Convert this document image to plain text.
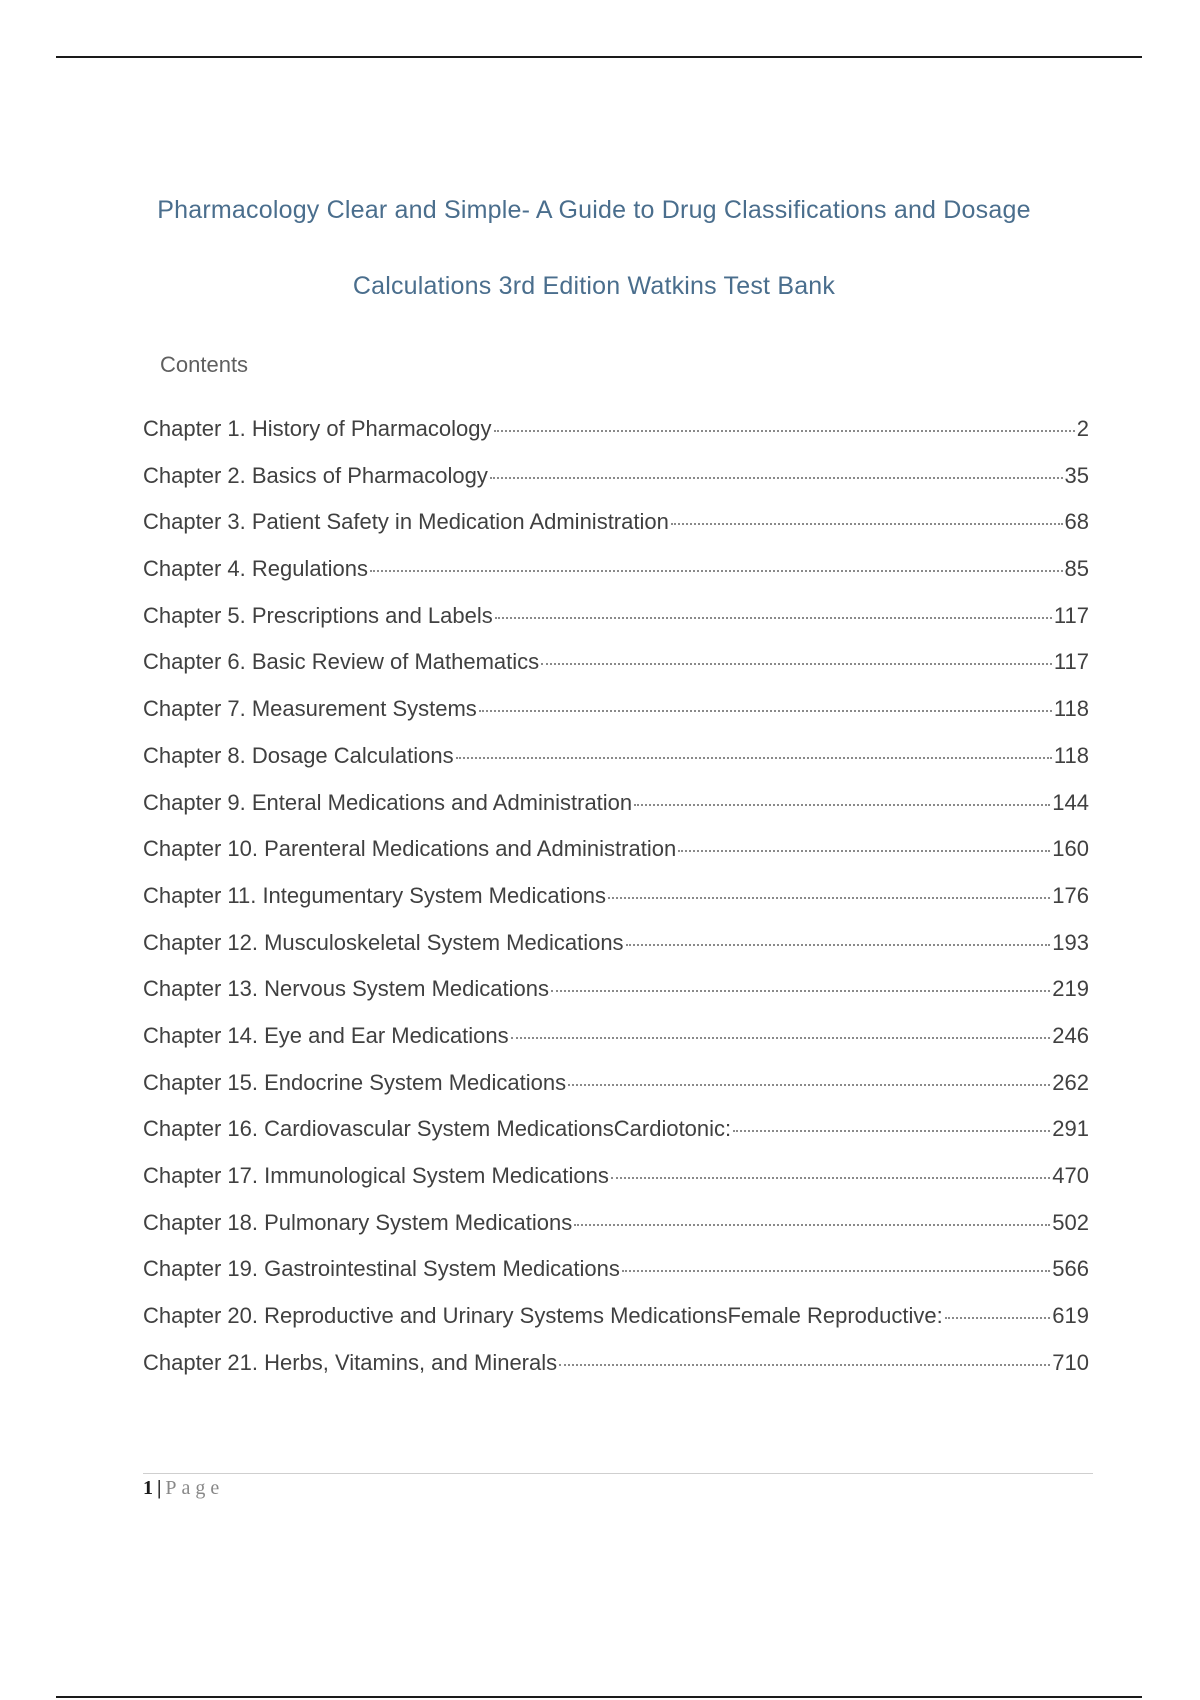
Pharmacology Clear and Simple- A Guide to Drug Classifications and Dosage
Calculations 3rd Edition Watkins Test Bank
Contents
Chapter 1. History of Pharmacology	2
Chapter 2. Basics of Pharmacology	35
Chapter 3. Patient Safety in Medication Administration	68
Chapter 4. Regulations	85
Chapter 5. Prescriptions and Labels	117
Chapter 6. Basic Review of Mathematics	117
Chapter 7. Measurement Systems	118
Chapter 8. Dosage Calculations	118
Chapter 9. Enteral Medications and Administration	144
Chapter 10. Parenteral Medications and Administration	160
Chapter 11. Integumentary System Medications	176
Chapter 12. Musculoskeletal System Medications	193
Chapter 13. Nervous System Medications	219
Chapter 14. Eye and Ear Medications	246
Chapter 15. Endocrine System Medications	262
Chapter 16. Cardiovascular System MedicationsCardiotonic:	291
Chapter 17. Immunological System Medications	470
Chapter 18. Pulmonary System Medications	502
Chapter 19. Gastrointestinal System Medications	566
Chapter 20. Reproductive and Urinary Systems MedicationsFemale Reproductive:	619
Chapter 21. Herbs, Vitamins, and Minerals	710
1 | Page
